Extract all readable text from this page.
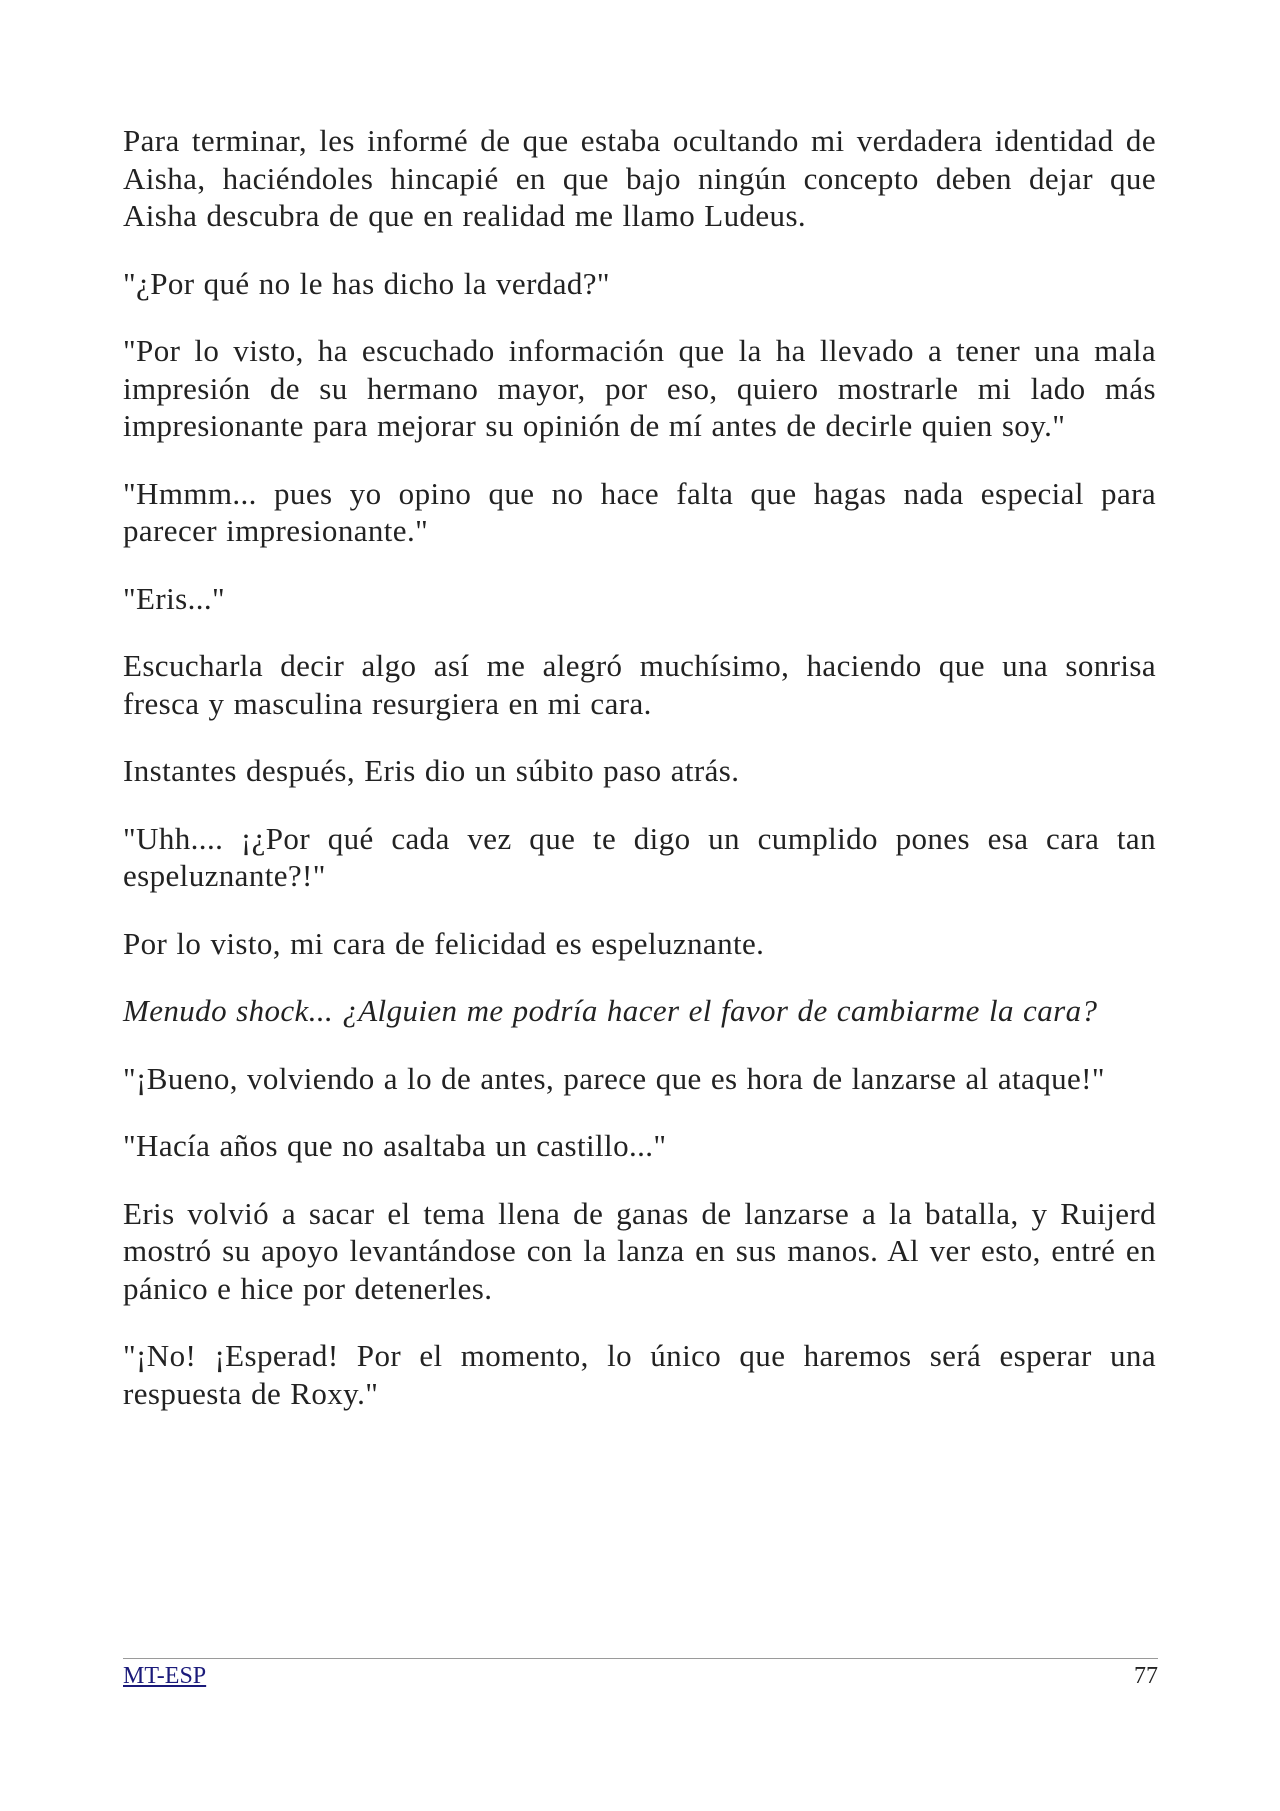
Para terminar, les informé de que estaba ocultando mi verdadera identidad de Aisha, haciéndoles hincapié en que bajo ningún concepto deben dejar que Aisha descubra de que en realidad me llamo Ludeus.

"¿Por qué no le has dicho la verdad?"

"Por lo visto, ha escuchado información que la ha llevado a tener una mala impresión de su hermano mayor, por eso, quiero mostrarle mi lado más impresionante para mejorar su opinión de mí antes de decirle quien soy."

"Hmmm... pues yo opino que no hace falta que hagas nada especial para parecer impresionante."

"Eris..."

Escucharla decir algo así me alegró muchísimo, haciendo que una sonrisa fresca y masculina resurgiera en mi cara.

Instantes después, Eris dio un súbito paso atrás.

"Uhh.... ¡¿Por qué cada vez que te digo un cumplido pones esa cara tan espeluznante?!"

Por lo visto, mi cara de felicidad es espeluznante.

Menudo shock... ¿Alguien me podría hacer el favor de cambiarme la cara?

"¡Bueno, volviendo a lo de antes, parece que es hora de lanzarse al ataque!"

"Hacía años que no asaltaba un castillo..."

Eris volvió a sacar el tema llena de ganas de lanzarse a la batalla, y Ruijerd mostró su apoyo levantándose con la lanza en sus manos. Al ver esto, entré en pánico e hice por detenerles.

"¡No! ¡Esperad! Por el momento, lo único que haremos será esperar una respuesta de Roxy."

MT-ESP	77
